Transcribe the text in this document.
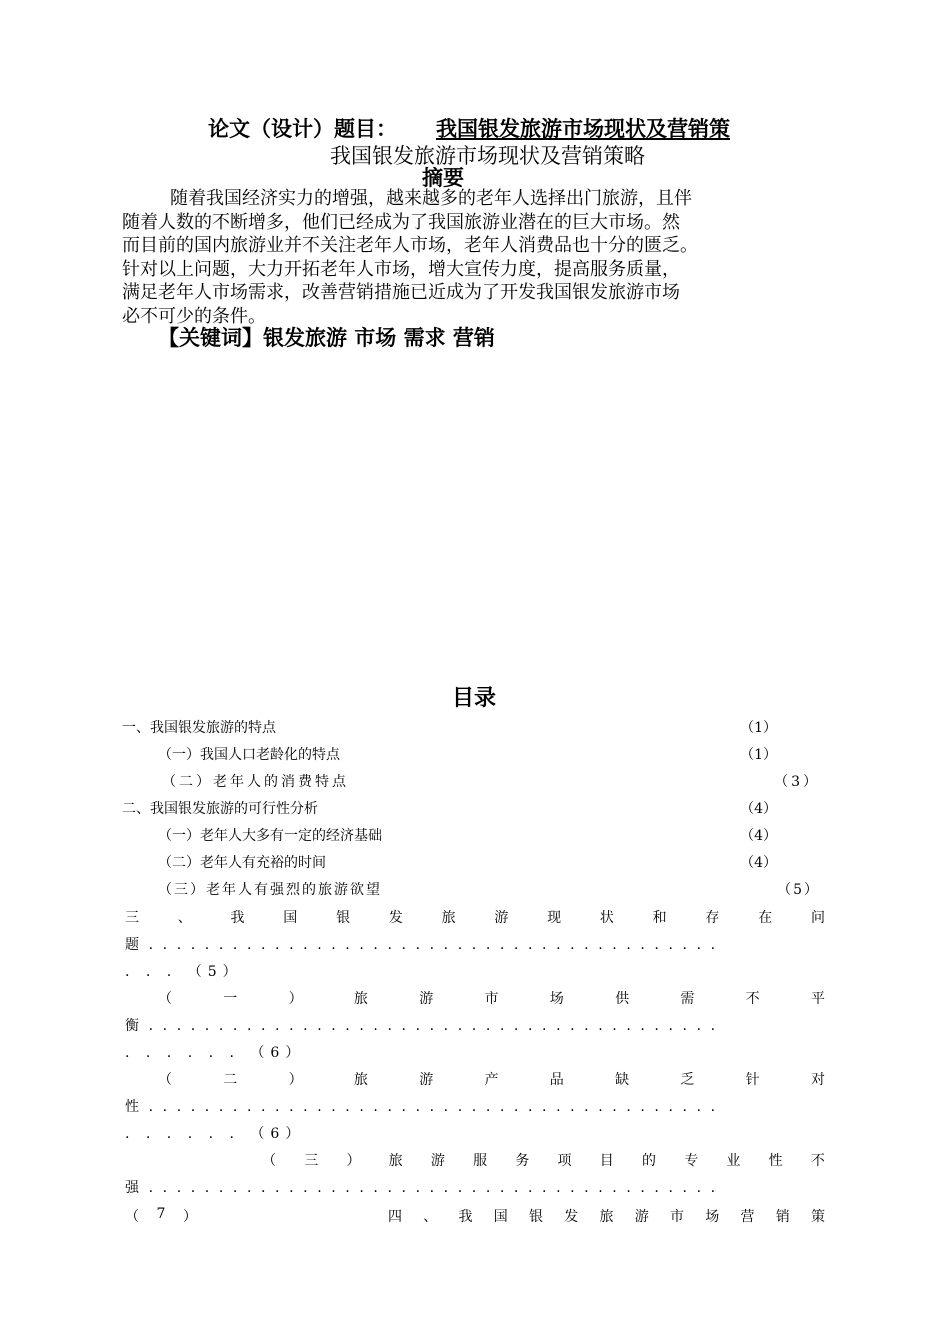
论文（设计）题目： 我国银发旅游市场现状及营销策
我国银发旅游市场现状及营销策略
摘要

随着我国经济实力的增强，越来越多的老年人选择出门旅游，且伴

随着人数的不断增多，他们已经成为了我国旅游业潜在的巨大市场。然

而目前的国内旅游业并不关注老年人市场，老年人消费品也十分的匮乏。

针对以上问题，大力开拓老年人市场，增大宣传力度，提高服务质量，

满足老年人市场需求，改善营销措施已近成为了开发我国银发旅游市场

必不可少的条件。

【关键词】银发旅游 市场 需求 营销
目录
一、我国银发旅游的特点	（1）
（一）我国人口老龄化的特点	（1）
（二）老年人的消费特点	（3）
二、我国银发旅游的可行性分析	（4）
（一）老年人大多有一定的经济基础	（4）
（二）老年人有充裕的时间	（4）
（三）老年人有强烈的旅游欲望	（5）
三	、	我	国	银	发	旅	游	现	状	和	存	在	问
题.........................................
. . . （5）
（	一	）	旅	游	市	场	供	需	不	平
衡.........................................
. . . . . . （6）
（	二	）	旅	游	产	品	缺	乏	针	对
性.........................................
. . . . . . （6）
（ 三 ） 旅 游 服 务 项 目 的 专 业 性 不
强.........................................
（ 7 ）	四 、 我 国 银 发 旅 游 市 场 营 销 策
